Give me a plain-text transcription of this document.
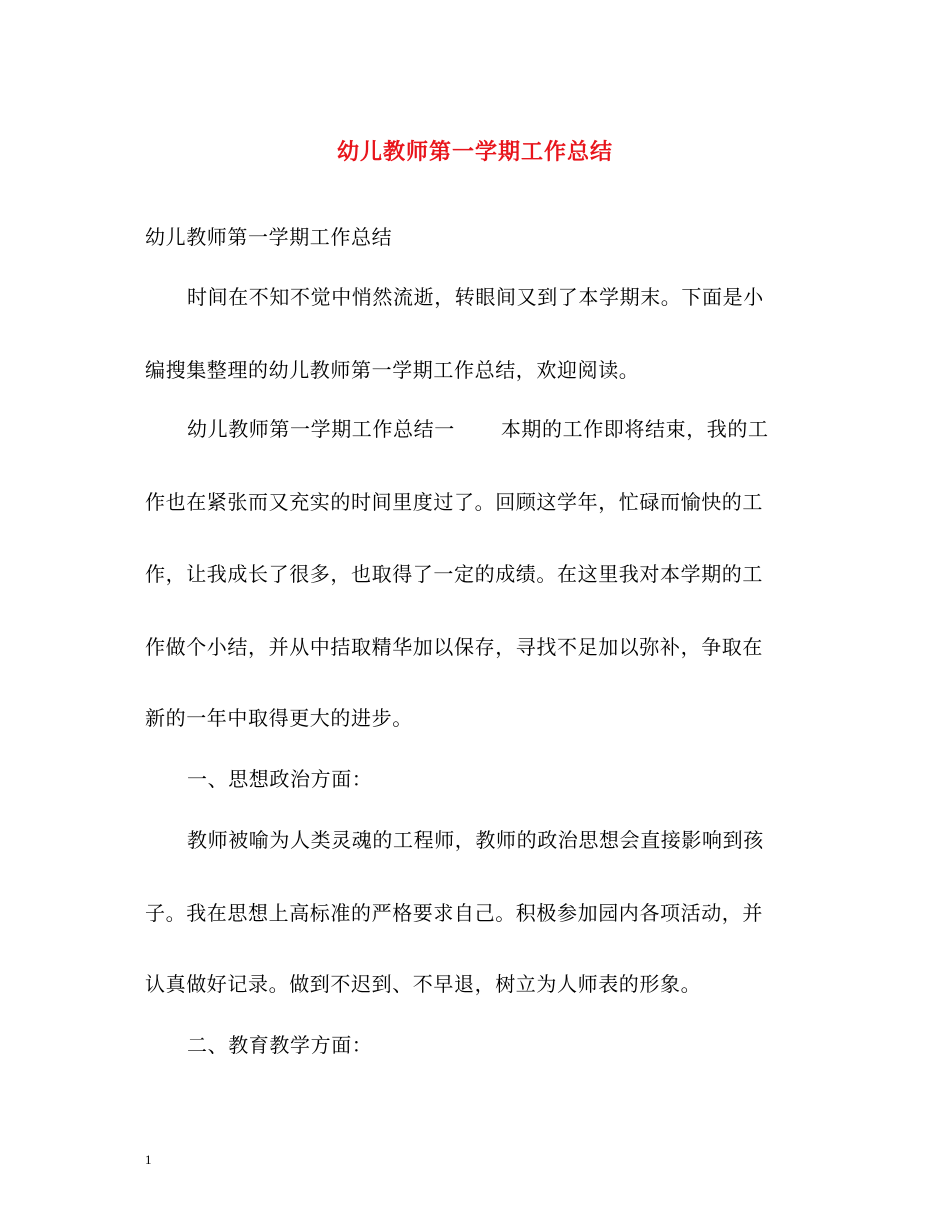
幼儿教师第一学期工作总结
幼儿教师第一学期工作总结
时间在不知不觉中悄然流逝，转眼间又到了本学期末。下面是小
编搜集整理的幼儿教师第一学期工作总结，欢迎阅读。
幼儿教师第一学期工作总结一 本期的工作即将结束，我的工
作也在紧张而又充实的时间里度过了。回顾这学年，忙碌而愉快的工
作，让我成长了很多，也取得了一定的成绩。在这里我对本学期的工
作做个小结，并从中拮取精华加以保存，寻找不足加以弥补，争取在
新的一年中取得更大的进步。
一、思想政治方面：
教师被喻为人类灵魂的工程师，教师的政治思想会直接影响到孩
子。我在思想上高标准的严格要求自己。积极参加园内各项活动，并
认真做好记录。做到不迟到、不早退，树立为人师表的形象。
二、教育教学方面：
1
